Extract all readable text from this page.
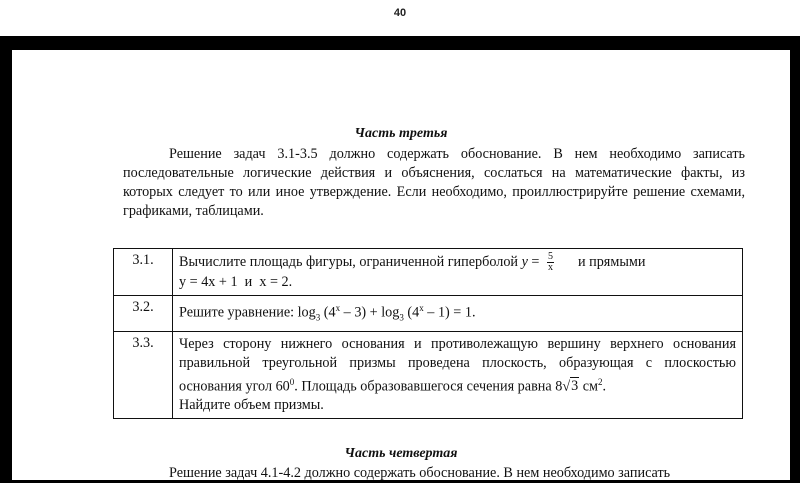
40
Часть третья
Решение задач 3.1-3.5 должно содержать обоснование. В нем необходимо записать последовательные логические действия и объяснения, сослаться на математические факты, из которых следует то или иное утверждение. Если необходимо, проиллюстрируйте решение схемами, графиками, таблицами.
3.1.	Вычислите площадь фигуры, ограниченной гиперболой $y = \frac{5}{x}$ и прямыми
y = 4x + 1 и x = 2.
3.2.	Решите уравнение: $\log_3 (4^x - 3) + \log_3 (4^x - 1) = 1$.
3.3.	Через сторону нижнего основания и противолежащую вершину верхнего основания правильной треугольной призмы проведена плоскость, образующая с плоскостью основания угол $60^0$. Площадь образовавшегося сечения равна 8√3 $см^2$.
Найдите объем призмы.
Часть четвертая
Решение задач 4.1-4.2 должно содержать обоснование. В нем необходимо записать
